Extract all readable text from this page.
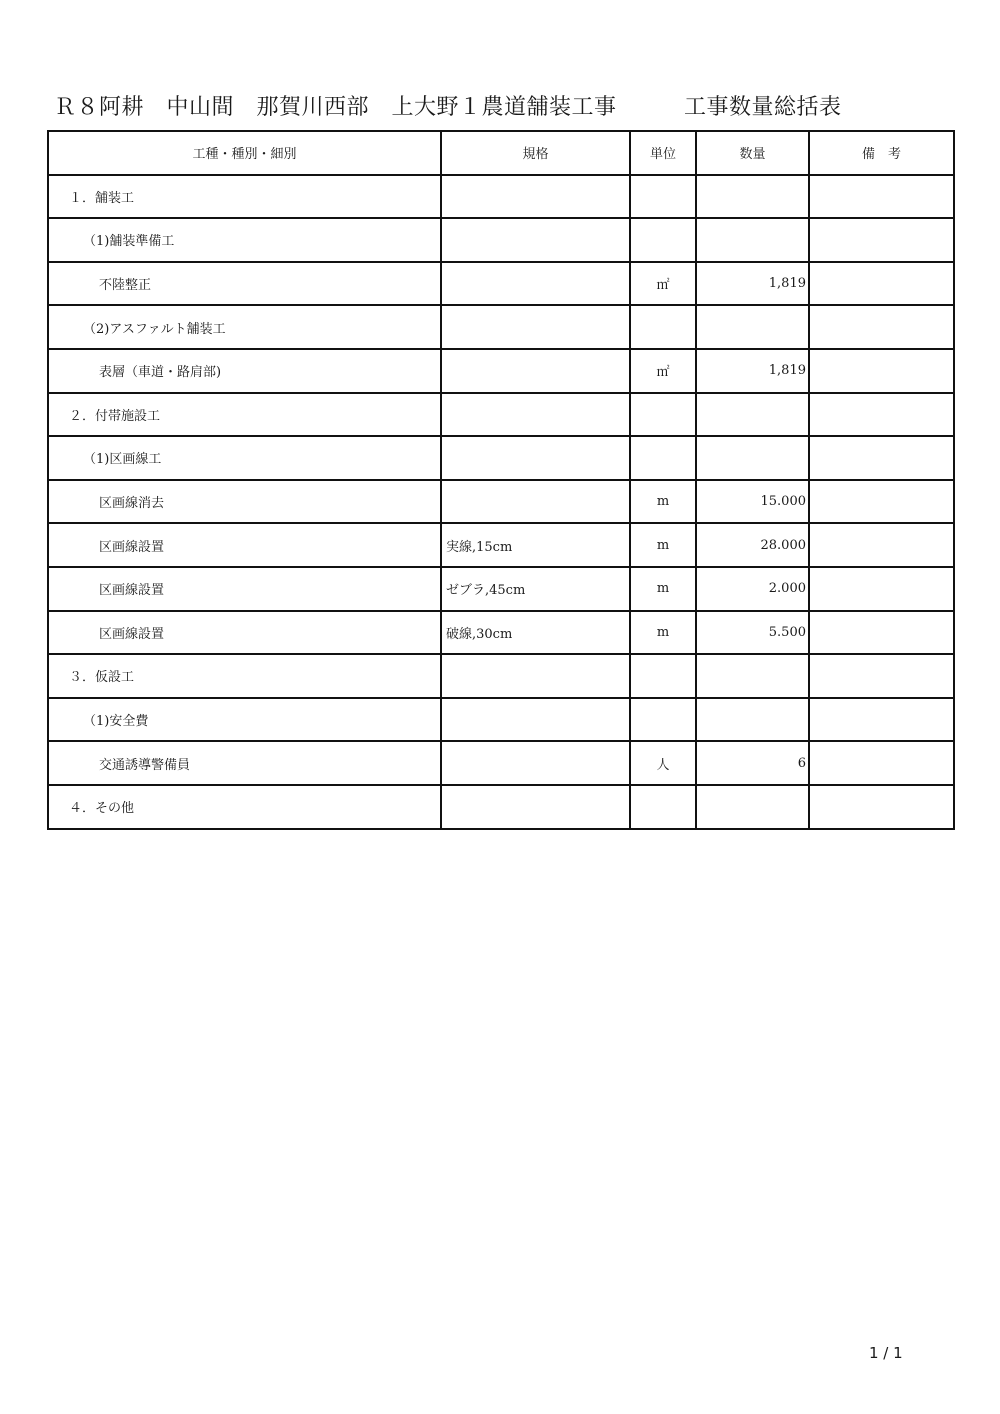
Ｒ８阿耕　中山間　那賀川西部　上大野１農道舗装工事　　　工事数量総括表
工種・種別・細別	規格	単位	数量	備　考
１．舗装工				
（1)舗装準備工				
不陸整正		㎡	1,819	
（2)アスファルト舗装工				
表層（車道・路肩部)		㎡	1,819	
２．付帯施設工				
（1)区画線工				
区画線消去		m	15.000	
区画線設置	実線,15cm	m	28.000	
区画線設置	ゼブラ,45cm	m	2.000	
区画線設置	破線,30cm	m	5.500	
３．仮設工				
（1)安全費				
交通誘導警備員		人	6	
４．その他				
1 / 1
